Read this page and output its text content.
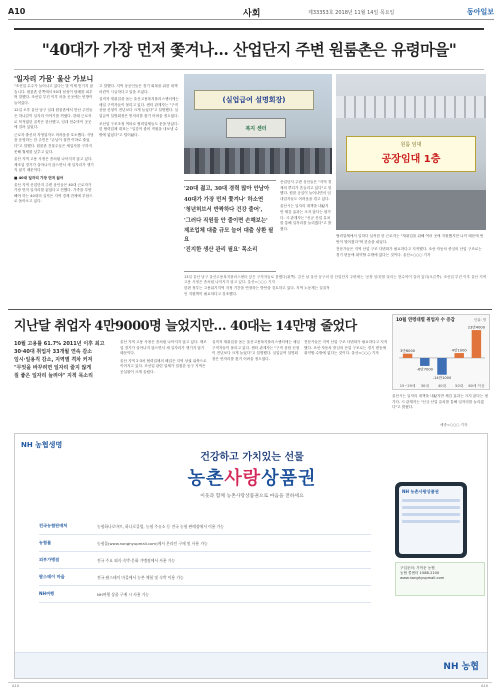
A10	사회	제33353호 2018년 11월 14일 목요일	동아일보
"40대가 가장 먼저 쫓겨나… 산업단지 주변 원룸촌은 유령마을"
'일자리 가뭄' 울산 가보니

"조선업 수주가 늘어나고 있다는 말 이제 믿기지 않습니다. 원룸촌 한쪽에서 50대 남성이 담배를 피우며 말했다. 조선업 부진 이후 마을 곳곳에는 빈방이 늘어갔다.

12일 오후 울산 남구 일대 원룸촌에서 만난 주민들은 하나같이 일자리 이야기를 꺼냈다. 한때 근로자로 북적였던 골목은 한산했고, 임대 현수막이 곳곳에 걸려 있었다.

근로자 출신의 자영업자도 어려움을 호소했다. 식당을 운영하는 한 주민은 "손님이 절반 이하로 줄었다"고 말했다. 원룸촌 건물주들은 세입자를 구하지 못해 월세를 낮추고 있다.

울산 지역 고용 사정은 좀처럼 나아지지 않고 있다. 제조업 경기가 살아나지 않으면서 새 일자리가 생기지 않기 때문이다.

■ 40대 일자리 가장 먼저 잃어

울산 지역 산업단지 주변 상인들은 40대 근로자가 가장 먼저 일자리를 잃었다고 전했다. 가족을 부양해야 하는 40대의 실직은 지역 경제 전체에 부담으로 돌아오고 있다.

고 말했다. 지역 상공인들은 경기 회복을 위한 대책 마련이 시급하다고 입을 모았다.

실직자 재취업을 돕는 울산고용복지플러스센터에는 매일 구직자들이 몰리고 있다. 센터 관계자는 "구직 상담 신청이 전년보다 크게 늘었다"고 설명했다. 실업급여 설명회장은 빈자리를 찾기 어려울 정도였다.

조선업 구조조정 여파로 협력업체들도 문을 닫았다. 한 협력업체 대표는 "일감이 줄어 직원을 내보낼 수밖에 없었다"고 털어놨다.

(실업급여 설명회장)
복지 센터
원룸 임대
공장임대 1층
'20대 젊고, 30대 경력 많아 안남아
40대가 가장 먼저 쫓겨나' 하소연
'청년허브서 반짝하다 건강 줄어',
'그러다 직원들 안 줄이면 손해보는'
제조업체 대출 규모 늘어 대출 상환 필요
'진지한 생산 관리 필요' 목소리

산업단지 주변 상인들은 "지역 경제의 뿌리가 흔들리고 있다"고 말했다. 원룸 공실이 늘어나면서 임대업자들도 어려움을 겪고 있다.

울산시는 일자리 대책을 내놨지만 체감 효과는 크지 않다는 평가다. 시 관계자는 "신규 산업 유치를 통해 일자리를 늘리겠다"고 밝혔다.

13일 울산 남구 울산고용복지플러스센터 앞은 구직자들로 붐볐다(왼쪽). 같은 날 울산 동구의 한 산업단지 주변에는 '공장 임대'를 알리는 현수막이 걸려 있다(오른쪽). 조선업 부진 이후 울산 지역 고용 사정은 좀처럼 나아지지 않고 있다. 울산=○○○ 기자

한편 정부는 고용위기지역 지정 기간을 연장하는 방안을 검토하고 있다. 지역 노동계는 실질적인 지원책이 필요하다고 강조했다.

협력업체에서 일하다 실직한 한 근로자는 "재취업을 위해 여러 곳에 지원했지만 나이 때문에 번번이 떨어졌다"며 한숨을 쉬었다.

전문가들은 지역 산업 구조 다변화가 필요하다고 지적했다. 조선·자동차 중심의 산업 구조로는 경기 변동에 취약할 수밖에 없다는 것이다. 울산=○○○ 기자

지난달 취업자 4만9000명 늘었지만… 40대는 14만명 줄었다
10월 고용률 61.7% 2011년 이후 최고
30·40대 취업자 33개월 연속 감소
임시·일용직 감소, 지역별 격차 커져
"무엇을 바꾸려면 일자리 줄지 않게
질 좋은 일자리 늘려야" 지적 목소리

울산 지역 고용 사정은 좀처럼 나아지지 않고 있다. 제조업 경기가 살아나지 않으면서 새 일자리가 생기지 않기 때문이다.

울산 지역 2·3차 협력업체의 폐업은 지역 상권 위축으로 이어지고 있다. 조선업 관련 업체가 밀집한 동구 지역은 공실률이 크게 올랐다.

실직자 재취업을 돕는 울산고용복지플러스센터에는 매일 구직자들이 몰리고 있다. 센터 관계자는 "구직 상담 신청이 전년보다 크게 늘었다"고 설명했다. 실업급여 설명회장은 빈자리를 찾기 어려울 정도였다.

전문가들은 지역 산업 구조 다변화가 필요하다고 지적했다. 조선·자동차 중심의 산업 구조로는 경기 변동에 취약할 수밖에 없다는 것이다. 울산=○○○ 기자

10월 연령대별 취업자 수 증감	단위: 명
3만6000
15~29세
-6만7000
30대
-14만1000
40대
4만1000
50대
23만4000
60세 이상

울산시는 일자리 대책을 내놨지만 체감 효과는 크지 않다는 평가다. 시 관계자는 "신규 산업 유치를 통해 일자리를 늘리겠다"고 밝혔다.

세종=○○○ 기자
NH 농협생명
건강하고 가치있는 선물
농촌사랑상품권
이웃과 함께 농촌사랑상품권으로 마음을 전하세요
전국농협판매처	농협하나로마트, 하나로클럽, 농협 주유소 등 전국 농협 판매장에서 이용 가능
농협몰	농협몰(www.nonghyupmall.com)에서 온라인 구매 및 사용 가능
외부가맹점	전국 주요 외식·숙박·문화 가맹점에서 사용 가능
팜스테이 마을	전국 팜스테이 마을에서 농촌 체험 및 숙박 이용 가능
NH여행	NH여행 상품 구매 시 사용 가능
NH 농촌사랑상품권
구입문의: 가까운 농협
농협 콜센터 1588-2100
www.nonghyupmall.com
NH 농협
A10	A10
